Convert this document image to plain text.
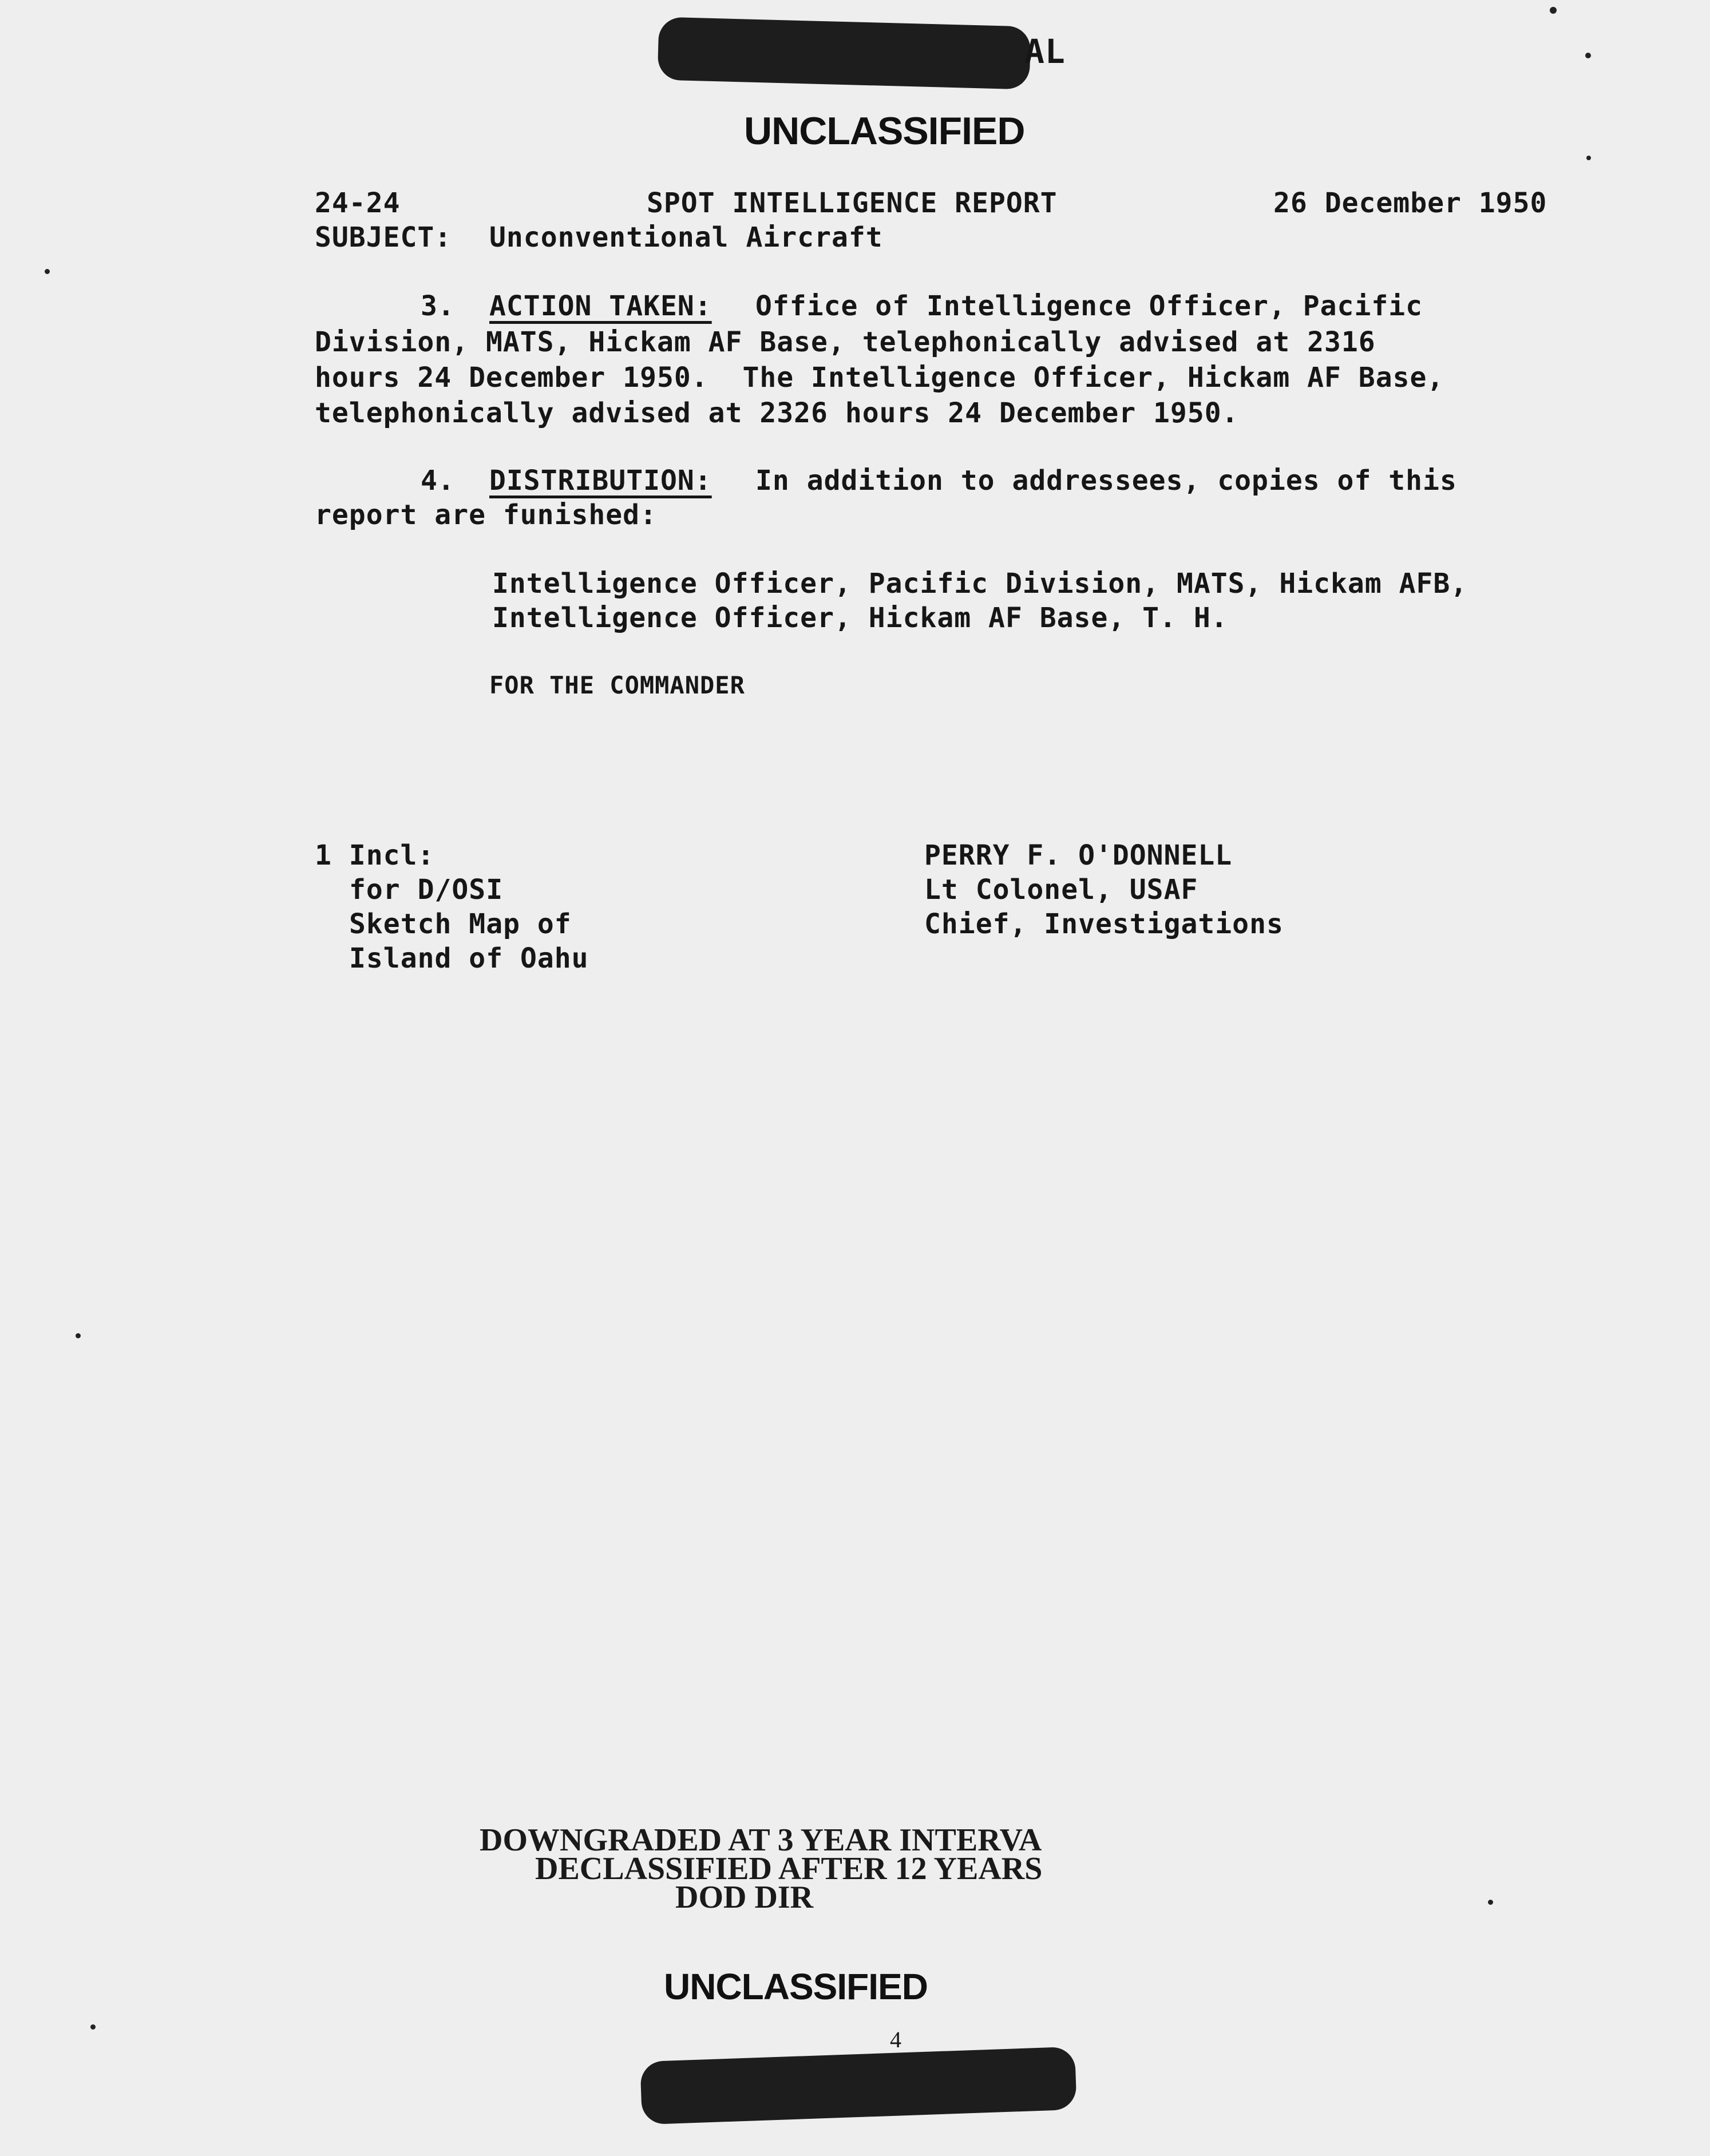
AL
UNCLASSIFIED
24-24	SPOT INTELLIGENCE REPORT	26 December 1950
SUBJECT: Unconventional Aircraft
3. ACTION TAKEN: Office of Intelligence Officer, Pacific
Division, MATS, Hickam AF Base, telephonically advised at 2316
hours 24 December 1950.  The Intelligence Officer, Hickam AF Base,
telephonically advised at 2326 hours 24 December 1950.
4. DISTRIBUTION: In addition to addressees, copies of this
report are funished:
Intelligence Officer, Pacific Division, MATS, Hickam AFB,
Intelligence Officer, Hickam AF Base, T. H.
FOR THE COMMANDER
1 Incl:
for D/OSI
Sketch Map of
Island of Oahu
PERRY F. O'DONNELL
Lt Colonel, USAF
Chief, Investigations
DOWNGRADED AT 3 YEAR INTERVA
DECLASSIFIED AFTER 12 YEARS
DOD DIR
UNCLASSIFIED
4
